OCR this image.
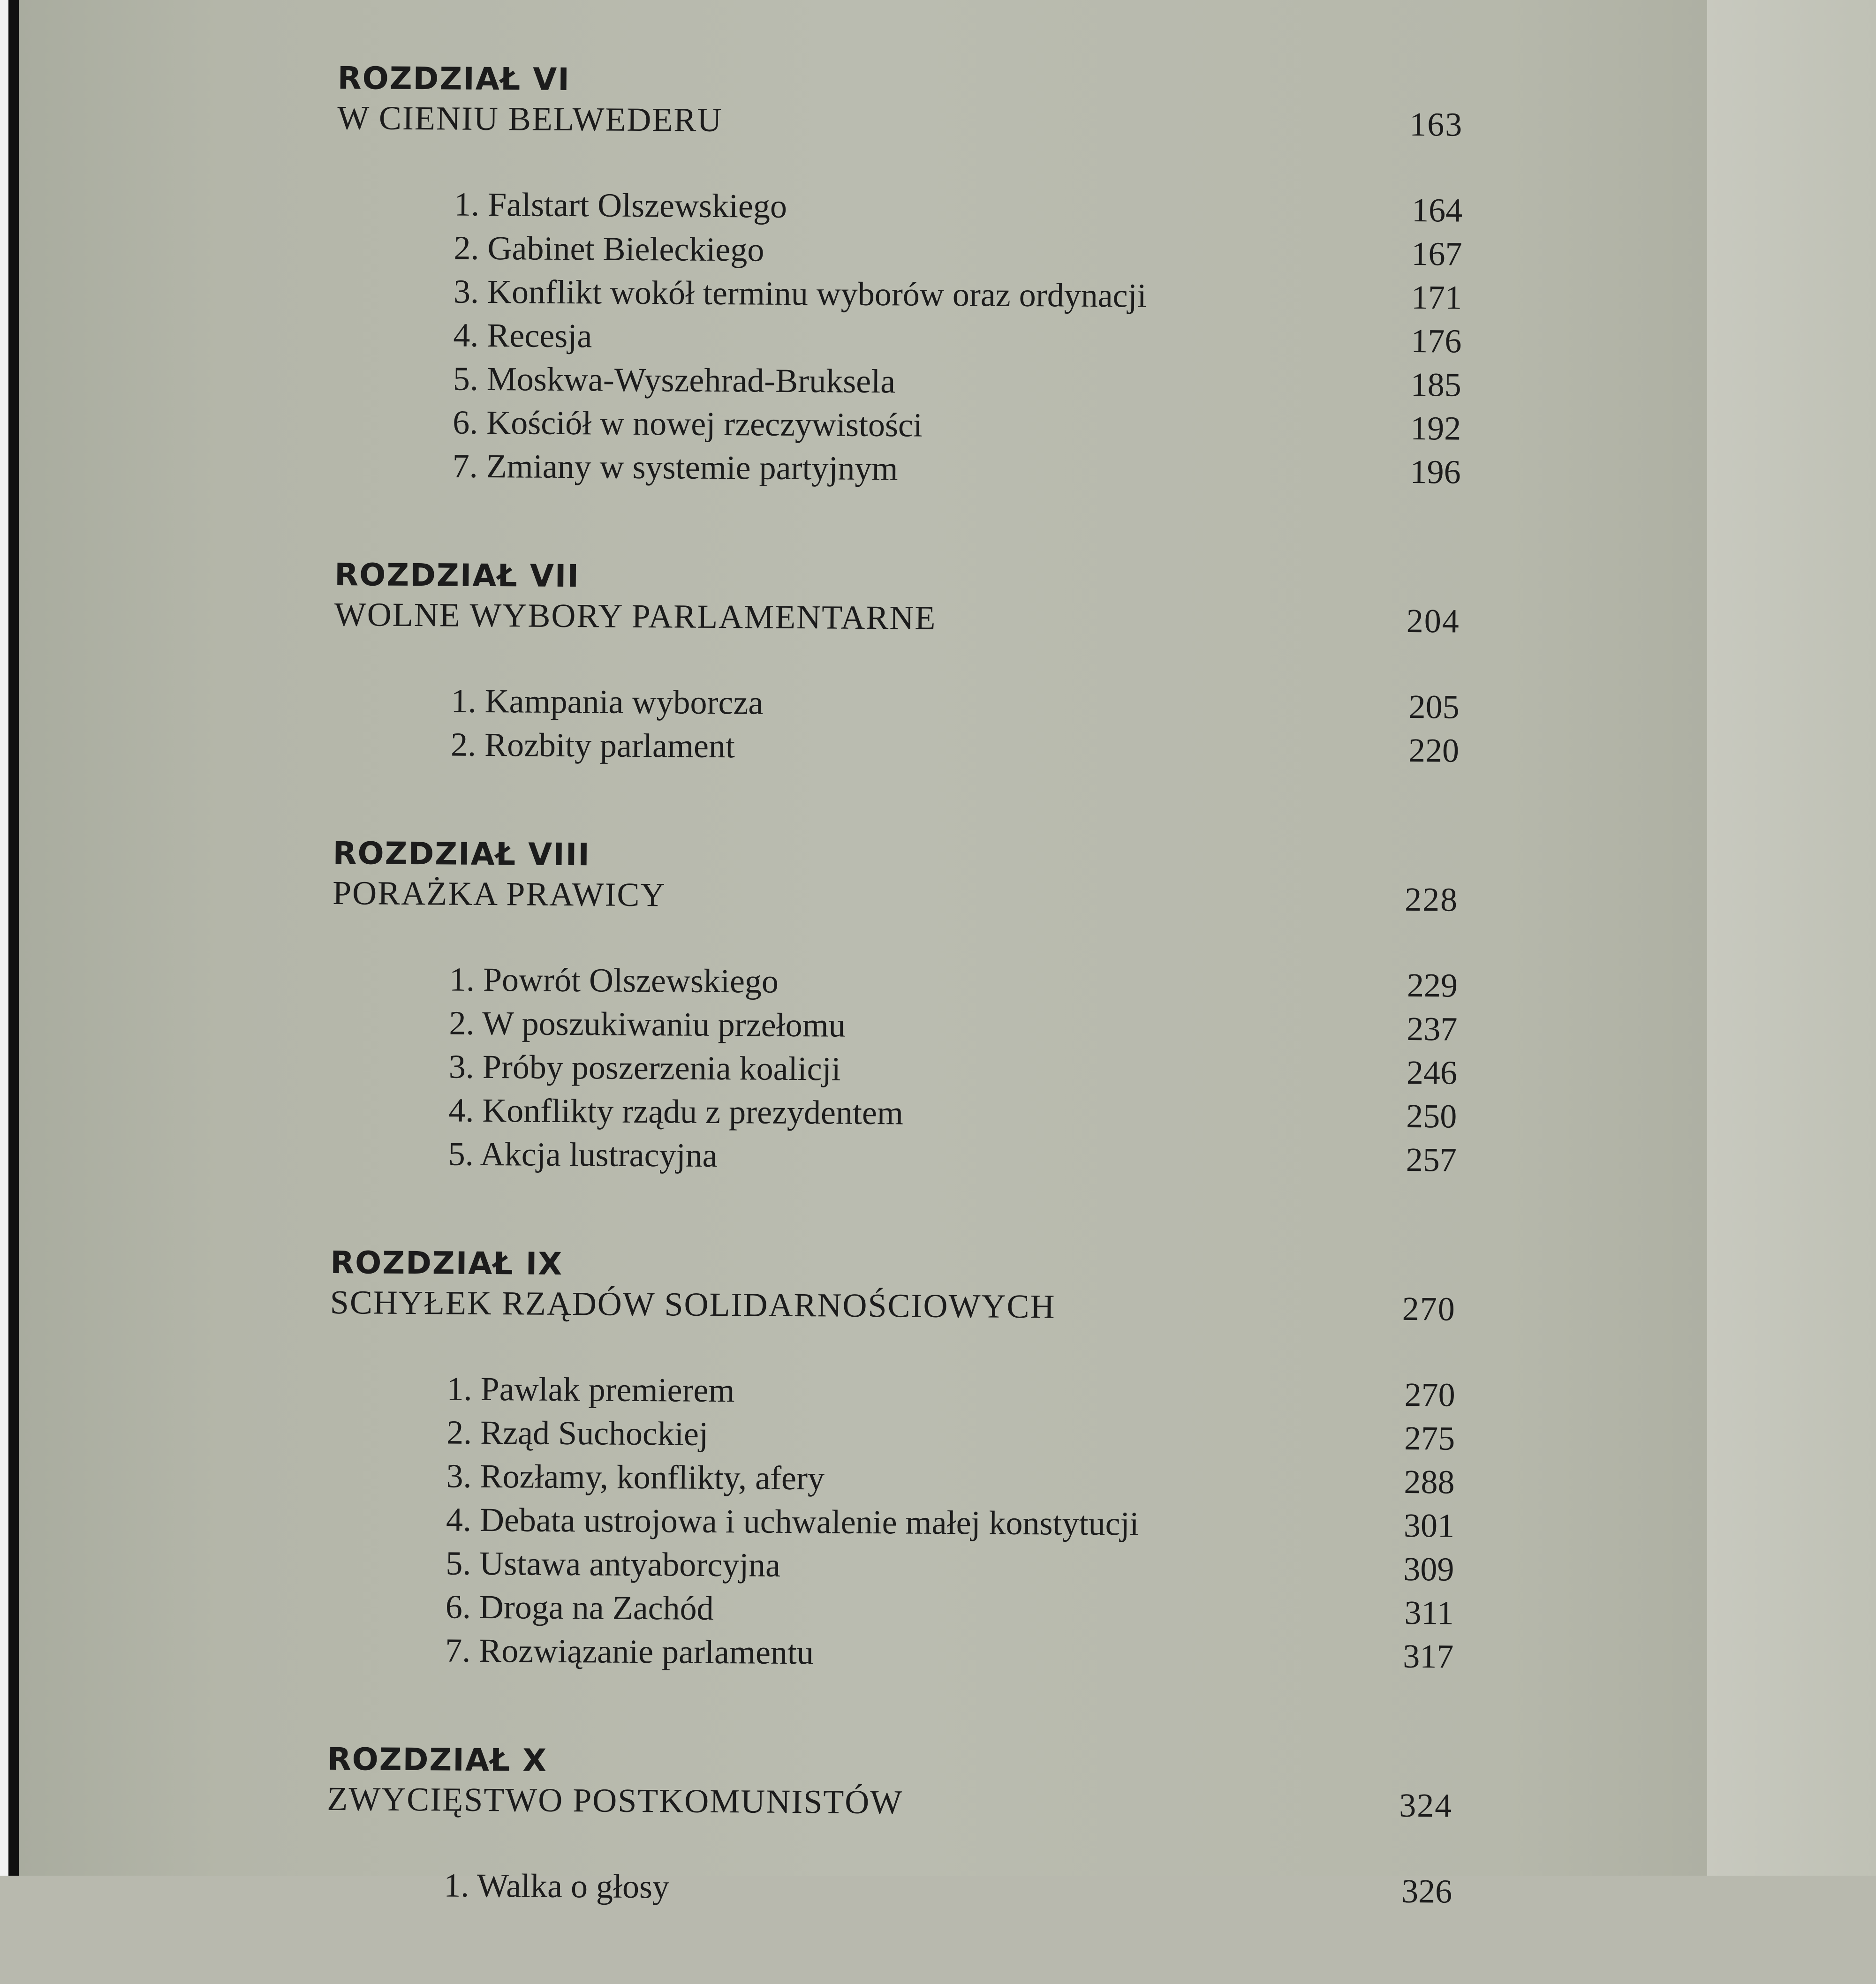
ROZDZIAŁ VI
W CIENIU BELWEDERU	163
1. Falstart Olszewskiego	164
2. Gabinet Bieleckiego	167
3. Konflikt wokół terminu wyborów oraz ordynacji	171
4. Recesja	176
5. Moskwa-Wyszehrad-Bruksela	185
6. Kościół w nowej rzeczywistości	192
7. Zmiany w systemie partyjnym	196
ROZDZIAŁ VII
WOLNE WYBORY PARLAMENTARNE	204
1. Kampania wyborcza	205
2. Rozbity parlament	220
ROZDZIAŁ VIII
PORAŻKA PRAWICY	228
1. Powrót Olszewskiego	229
2. W poszukiwaniu przełomu	237
3. Próby poszerzenia koalicji	246
4. Konflikty rządu z prezydentem	250
5. Akcja lustracyjna	257
ROZDZIAŁ IX
SCHYŁEK RZĄDÓW SOLIDARNOŚCIOWYCH	270
1. Pawlak premierem	270
2. Rząd Suchockiej	275
3. Rozłamy, konflikty, afery	288
4. Debata ustrojowa i uchwalenie małej konstytucji	301
5. Ustawa antyaborcyjna	309
6. Droga na Zachód	311
7. Rozwiązanie parlamentu	317
ROZDZIAŁ X
ZWYCIĘSTWO POSTKOMUNISTÓW	324
1. Walka o głosy	326
